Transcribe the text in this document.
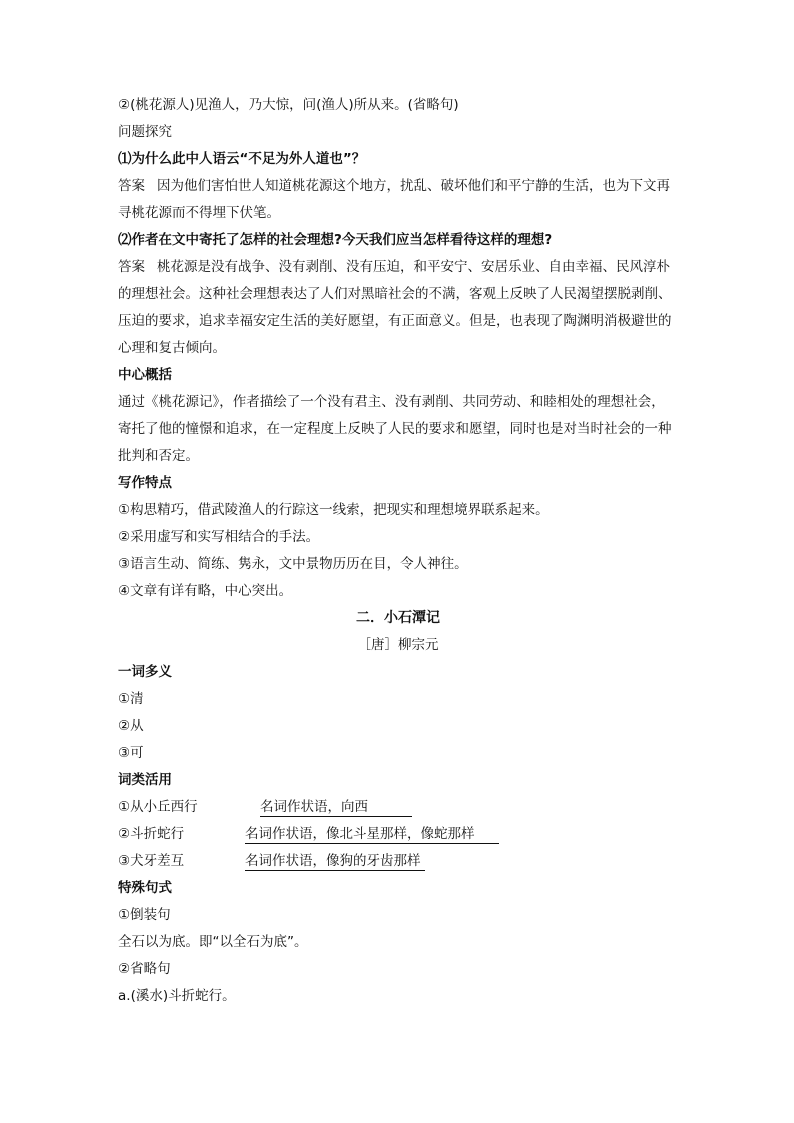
②(桃花源人)见渔人，乃大惊，问(渔人)所从来。(省略句)
问题探究
⑴为什么此中人语云“不足为外人道也”？
答案 因为他们害怕世人知道桃花源这个地方，扰乱、破坏他们和平宁静的生活，也为下文再寻桃花源而不得埋下伏笔。
⑵作者在文中寄托了怎样的社会理想?今天我们应当怎样看待这样的理想?
答案 桃花源是没有战争、没有剥削、没有压迫，和平安宁、安居乐业、自由幸福、民风淳朴的理想社会。这种社会理想表达了人们对黑暗社会的不满，客观上反映了人民渴望摆脱剥削、压迫的要求，追求幸福安定生活的美好愿望，有正面意义。但是，也表现了陶渊明消极避世的心理和复古倾向。
中心概括
通过《桃花源记》，作者描绘了一个没有君主、没有剥削、共同劳动、和睦相处的理想社会，寄托了他的憧憬和追求，在一定程度上反映了人民的要求和愿望，同时也是对当时社会的一种批判和否定。
写作特点
①构思精巧，借武陵渔人的行踪这一线索，把现实和理想境界联系起来。
②采用虚写和实写相结合的手法。
③语言生动、简练、隽永，文中景物历历在目，令人神往。
④文章有详有略，中心突出。
二．小石潭记
［唐］柳宗元
一词多义
①清
②从
③可
词类活用
①从小丘西行	名词作状语，向西
②斗折蛇行	名词作状语，像北斗星那样，像蛇那样
③犬牙差互	名词作状语，像狗的牙齿那样
特殊句式
①倒装句
全石以为底。即“以全石为底”。
②省略句
a.(溪水)斗折蛇行。
